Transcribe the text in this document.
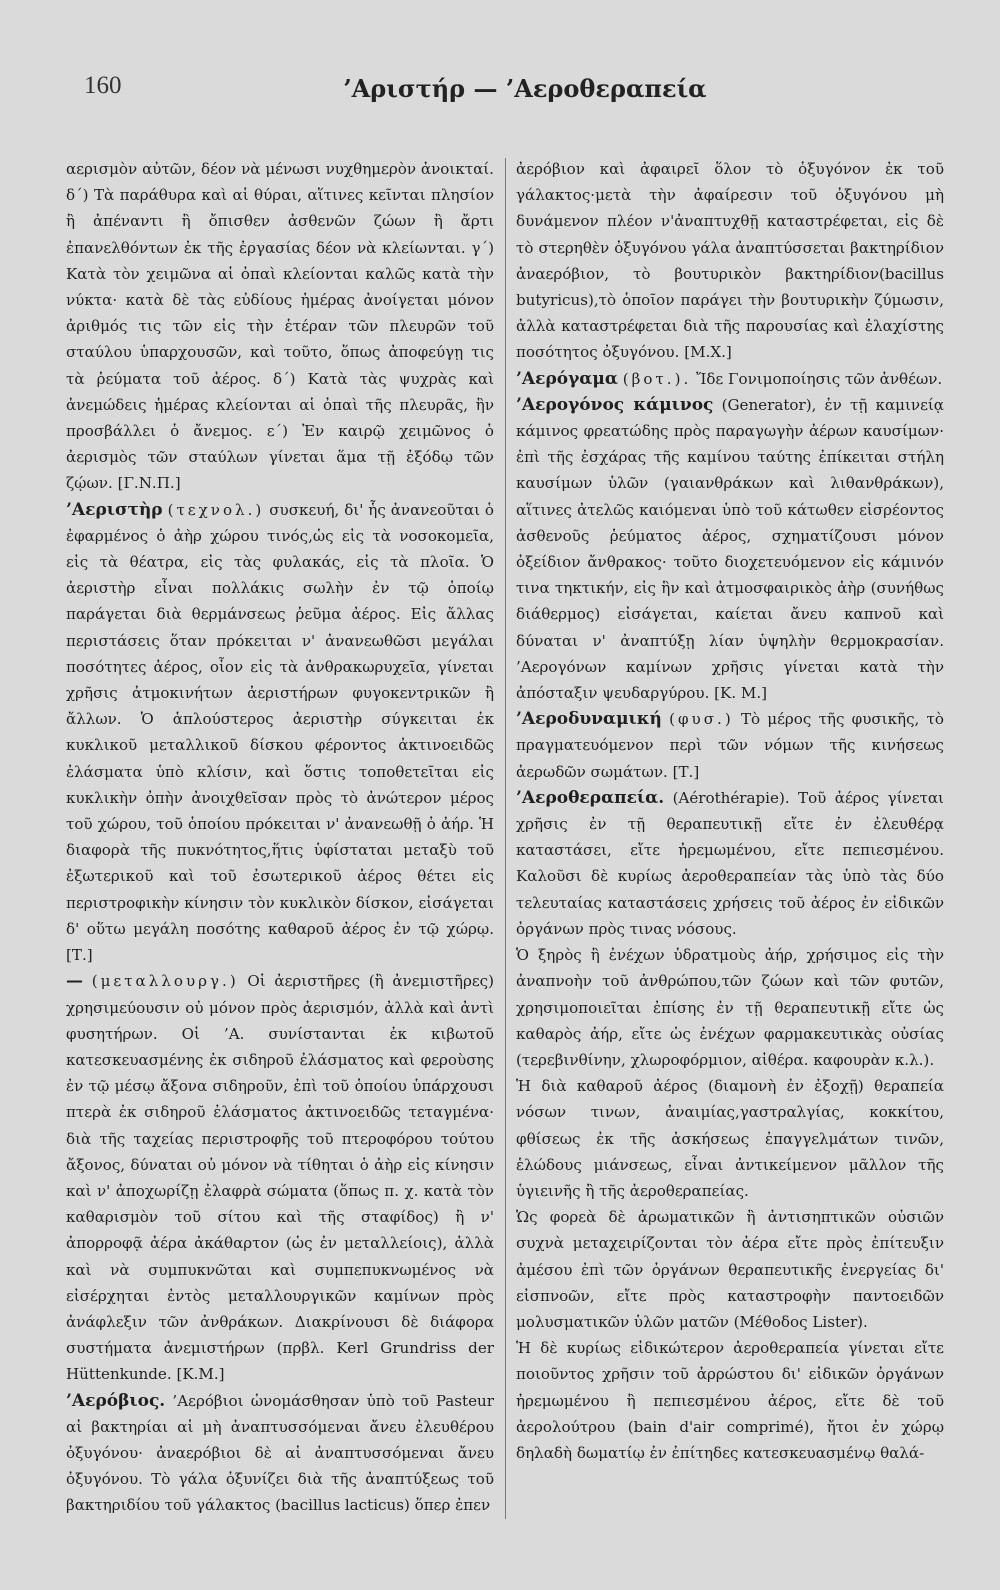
160	’Αριστήρ — ’Αεροθεραπεία

αερισμὸν αὐτῶν, δέον νὰ μένωσι νυχθημερὸν ἀνοικταί. δ΄) Τὰ παράθυρα καὶ αἱ θύραι, αἵτινες κεῖνται πλησίον ἢ ἀπέναντι ἢ ὄπισθεν ἀσθενῶν ζώων ἢ ἄρτι ἐπανελθόντων ἐκ τῆς ἐργασίας δέον νὰ κλείωνται. γ΄) Κατὰ τὸν χειμῶνα αἱ ὀπαὶ κλείονται καλῶς κατὰ τὴν νύκτα· κατὰ δὲ τὰς εὐδίους ἡμέρας ἀνοίγεται μόνον ἀριθμός τις τῶν εἰς τὴν ἑτέραν τῶν πλευρῶν τοῦ σταύλου ὑπαρχουσῶν, καὶ τοῦτο, ὅπως ἀποφεύγῃ τις τὰ ῥεύματα τοῦ ἀέρος. δ΄) Κατὰ τὰς ψυχρὰς καὶ ἀνεμώδεις ἡμέρας κλείονται αἱ ὀπαὶ τῆς πλευρᾶς, ἣν προσβάλλει ὁ ἄνεμος. ε΄) Ἐν καιρῷ χειμῶνος ὁ ἀερισμὸς τῶν σταύλων γίνεται ἅμα τῇ ἐξόδῳ τῶν ζῴων. [Γ.Ν.Π.]

’Αεριστὴρ (τεχνολ.) συσκευή, δι' ἧς ἀνανεοῦται ὁ ἐφαρμένος ὁ ἀὴρ χώρου τινός,ὡς εἰς τὰ νοσοκομεῖα, εἰς τὰ θέατρα, εἰς τὰς φυλακάς, εἰς τὰ πλοῖα. Ὁ ἀεριστὴρ εἶναι πολλάκις σωλὴν ἐν τῷ ὁποίῳ παράγεται διὰ θερμάνσεως ῥεῦμα ἀέρος. Εἰς ἄλλας περιστάσεις ὅταν πρόκειται ν' ἀνανεωθῶσι μεγάλαι ποσότητες ἀέρος, οἷον εἰς τὰ ἀνθρακωρυχεῖα, γίνεται χρῆσις ἀτμοκινήτων ἀεριστήρων φυγοκεντρικῶν ἢ ἄλλων. Ὁ ἁπλούστερος ἀεριστὴρ σύγκειται ἐκ κυκλικοῦ μεταλλικοῦ δίσκου φέροντος ἀκτινοειδῶς ἐλάσματα ὑπὸ κλίσιν, καὶ ὅστις τοποθετεῖται εἰς κυκλικὴν ὀπὴν ἀνοιχθεῖσαν πρὸς τὸ ἀνώτερον μέρος τοῦ χώρου, τοῦ ὁποίου πρόκειται ν' ἀνανεωθῇ ὁ ἀήρ. Ἡ διαφορὰ τῆς πυκνότητος,ἥτις ὑφίσταται μεταξὺ τοῦ ἐξωτερικοῦ καὶ τοῦ ἐσωτερικοῦ ἀέρος θέτει εἰς περιστροφικὴν κίνησιν τὸν κυκλικὸν δίσκον, εἰσάγεται δ' οὕτω μεγάλη ποσότης καθαροῦ ἀέρος ἐν τῷ χώρῳ. [Τ.]

— (μεταλλουργ.) Οἱ ἀεριστῆρες (ἢ ἀνεμιστῆρες) χρησιμεύουσιν οὐ μόνον πρὸς ἀερισμόν, ἀλλὰ καὶ ἀντὶ φυσητήρων. Οἱ ’Α. συνίστανται ἐκ κιβωτοῦ κατεσκευασμένης ἐκ σιδηροῦ ἐλάσματος καὶ φεροὺσης ἐν τῷ μέσῳ ἄξονα σιδηροῦν, ἐπὶ τοῦ ὁποίου ὑπάρχουσι πτερὰ ἐκ σιδηροῦ ἐλάσματος ἀκτινοειδῶς τεταγμένα· διὰ τῆς ταχείας περιστροφῆς τοῦ πτεροφόρου τούτου ἄξονος, δύναται οὐ μόνον νὰ τίθηται ὁ ἀὴρ εἰς κίνησιν καὶ ν' ἀποχωρίζῃ ἐλαφρὰ σώματα (ὅπως π. χ. κατὰ τὸν καθαρισμὸν τοῦ σίτου καὶ τῆς σταφίδος) ἢ ν' ἀπορροφᾷ ἀέρα ἀκάθαρτον (ὡς ἐν μεταλλείοις), ἀλλὰ καὶ νὰ συμπυκνῶται καὶ συμπεπυκνωμένος νὰ εἰσέρχηται ἐντὸς μεταλλουργικῶν καμίνων πρὸς ἀνάφλεξιν τῶν ἀνθράκων. Διακρίνουσι δὲ διάφορα συστήματα ἀνεμιστήρων (πρβλ. Kerl Grundriss der Hüttenkunde. [Κ.Μ.]

’Αερόβιος. ’Αερόβιοι ὠνομάσθησαν ὑπὸ τοῦ Pasteur αἱ βακτηρίαι αἱ μὴ ἀναπτυσσόμεναι ἄνευ ἐλευθέρου ὀξυγόνου· ἀναερόβιοι δὲ αἱ ἀναπτυσσόμεναι ἄνευ ὀξυγόνου. Τὸ γάλα ὀξυνίζει διὰ τῆς ἀναπτύξεως τοῦ βακτηριδίου τοῦ γάλακτος (bacillus lacticus) ὅπερ ἐπεν

ἀερόβιον καὶ ἀφαιρεῖ ὅλον τὸ ὀξυγόνον ἐκ τοῦ γάλακτος·μετὰ τὴν ἀφαίρεσιν τοῦ ὀξυγόνου μὴ δυνάμενον πλέον ν'ἀναπτυχθῇ καταστρέφεται, εἰς δὲ τὸ στερηθὲν ὀξυγόνου γάλα ἀναπτύσσεται βακτηρίδιον ἀναερόβιον, τὸ βουτυρικὸν βακτηρίδιον(bacillus butyricus),τὸ ὁποῖον παράγει τὴν βουτυρικὴν ζύμωσιν, ἀλλὰ καταστρέφεται διὰ τῆς παρουσίας καὶ ἐλαχίστης ποσότητος ὀξυγόνου. [Μ.Χ.]

’Αερόγαμα (βοτ.). Ἴδε Γονιμοποίησις τῶν ἀνθέων.

’Αερογόνος κάμινος (Generator), ἐν τῇ καμινείᾳ κάμινος φρεατώδης πρὸς παραγωγὴν ἀέρων καυσίμων· ἐπὶ τῆς ἐσχάρας τῆς καμίνου ταύτης ἐπίκειται στήλη καυσίμων ὑλῶν (γαιανθράκων καὶ λιθανθράκων), αἵτινες ἀτελῶς καιόμεναι ὑπὸ τοῦ κάτωθεν εἰσρέοντος ἀσθενοῦς ῥεύματος ἀέρος, σχηματίζουσι μόνον ὀξείδιον ἄνθρακος· τοῦτο διοχετευόμενον εἰς κάμινόν τινα τηκτικήν, εἰς ἣν καὶ ἀτμοσφαιρικὸς ἀὴρ (συνήθως διάθερμος) εἰσάγεται, καίεται ἄνευ καπνοῦ καὶ δύναται ν' ἀναπτύξῃ λίαν ὑψηλὴν θερμοκρασίαν. ’Αερογόνων καμίνων χρῆσις γίνεται κατὰ τὴν ἀπόσταξιν ψευδαργύρου. [Κ. Μ.]

’Αεροδυναμική (φυσ.) Τὸ μέρος τῆς φυσικῆς, τὸ πραγματευόμενον περὶ τῶν νόμων τῆς κινήσεως ἀερωδῶν σωμάτων. [Τ.]

’Αεροθεραπεία. (Aérothérapie). Τοῦ ἀέρος γίνεται χρῆσις ἐν τῇ θεραπευτικῇ εἴτε ἐν ἐλευθέρᾳ καταστάσει, εἴτε ἠρεμωμένου, εἴτε πεπιεσμένου. Καλοῦσι δὲ κυρίως ἀεροθεραπείαν τὰς ὑπὸ τὰς δύο τελευταίας καταστάσεις χρήσεις τοῦ ἀέρος ἐν εἰδικῶν ὀργάνων πρὸς τινας νόσους.

Ὁ ξηρὸς ἢ ἐνέχων ὑδρατμοὺς ἀήρ, χρήσιμος εἰς τὴν ἀναπνοὴν τοῦ ἀνθρώπου,τῶν ζώων καὶ τῶν φυτῶν, χρησιμοποιεῖται ἐπίσης ἐν τῇ θεραπευτικῇ εἴτε ὡς καθαρὸς ἀήρ, εἴτε ὡς ἐνέχων φαρμακευτικὰς οὐσίας (τερεβινθίνην, χλωροφόρμιον, αἰθέρα. καφουρὰν κ.λ.).

Ἡ διὰ καθαροῦ ἀέρος (διαμονὴ ἐν ἐξοχῇ) θεραπεία νόσων τινων, ἀναιμίας,γαστραλγίας, κοκκίτου, φθίσεως ἐκ τῆς ἀσκήσεως ἐπαγγελμάτων τινῶν, ἑλώδους μιάνσεως, εἶναι ἀντικείμενον μᾶλλον τῆς ὑγιεινῆς ἢ τῆς ἀεροθεραπείας.

Ὡς φορεὰ δὲ ἀρωματικῶν ἢ ἀντισηπτικῶν οὐσιῶν συχνὰ μεταχειρίζονται τὸν ἀέρα εἴτε πρὸς ἐπίτευξιν ἀμέσου ἐπὶ τῶν ὀργάνων θεραπευτικῆς ἐνεργείας δι' εἰσπνοῶν, εἴτε πρὸς καταστροφὴν παντοειδῶν μολυσματικῶν ὑλῶν ματῶν (Μέθοδος Lister).

Ἡ δὲ κυρίως εἰδικώτερον ἀεροθεραπεία γίνεται εἴτε ποιοῦντος χρῆσιν τοῦ ἀρρώστου δι' εἰδικῶν ὀργάνων ἠρεμωμένου ἢ πεπιεσμένου ἀέρος, εἴτε δὲ τοῦ ἀερολούτρου (bain d'air comprimé), ἤτοι ἐν χώρῳ δηλαδὴ δωματίῳ ἐν ἐπίτηδες κατεσκευασμένῳ θαλά-
